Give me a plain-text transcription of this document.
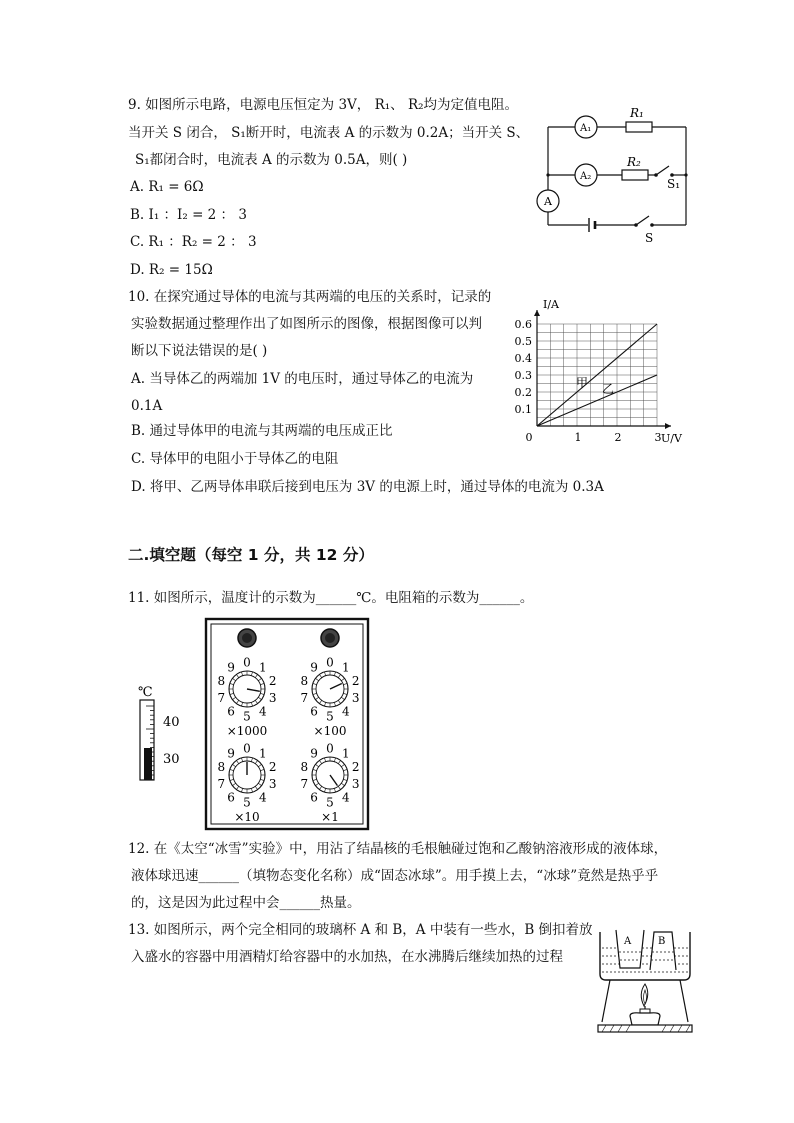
9. 如图所示电路，电源电压恒定为 3V， R₁、 R₂均为定值电阻。
当开关 S 闭合， S₁断开时，电流表 A 的示数为 0.2A；当开关 S、
S₁都闭合时，电流表 A 的示数为 0.5A，则( )
A. R₁ = 6Ω
B. I₁ ：I₂ = 2 ： 3
C. R₁ ：R₂ = 2 ： 3
D. R₂ = 15Ω
A₁
A₂
A
R₁
R₂
S₁
S
10. 在探究通过导体的电流与其两端的电压的关系时，记录的
实验数据通过整理作出了如图所示的图像，根据图像可以判
断以下说法错误的是( )
A. 当导体乙的两端加 1V 的电压时，通过导体乙的电流为
0.1A
B. 通过导体甲的电流与其两端的电压成正比
C. 导体甲的电阻小于导体乙的电阻
D. 将甲、乙两导体串联后接到电压为 3V 的电源上时，通过导体的电流为 0.3A
0.1
0.2
0.3
0.4
0.5
0.6
0	1	2	3
I/A
U/V
甲 乙
二.填空题（每空 1 分，共 12 分）
11. 如图所示，温度计的示数为______℃。电阻箱的示数为______。
℃
40
30
0 1
2
3
4
5
6
7
8
9
×1000
0 1
2
3
4
5
6
7
8
9
×100
0 1
2
3
4
5
6
7
8
9
×10
0 1
2
3
4
5
6
7
8
9
×1
12. 在《太空“冰雪”实验》中，用沾了结晶核的毛根触碰过饱和乙酸钠溶液形成的液体球，
液体球迅速______（填物态变化名称）成“固态冰球”。用手摸上去，“冰球”竟然是热乎乎
的，这是因为此过程中会______热量。
13. 如图所示，两个完全相同的玻璃杯 A 和 B，A 中装有一些水，B 倒扣着放
入盛水的容器中用酒精灯给容器中的水加热，在水沸腾后继续加热的过程
A	B
